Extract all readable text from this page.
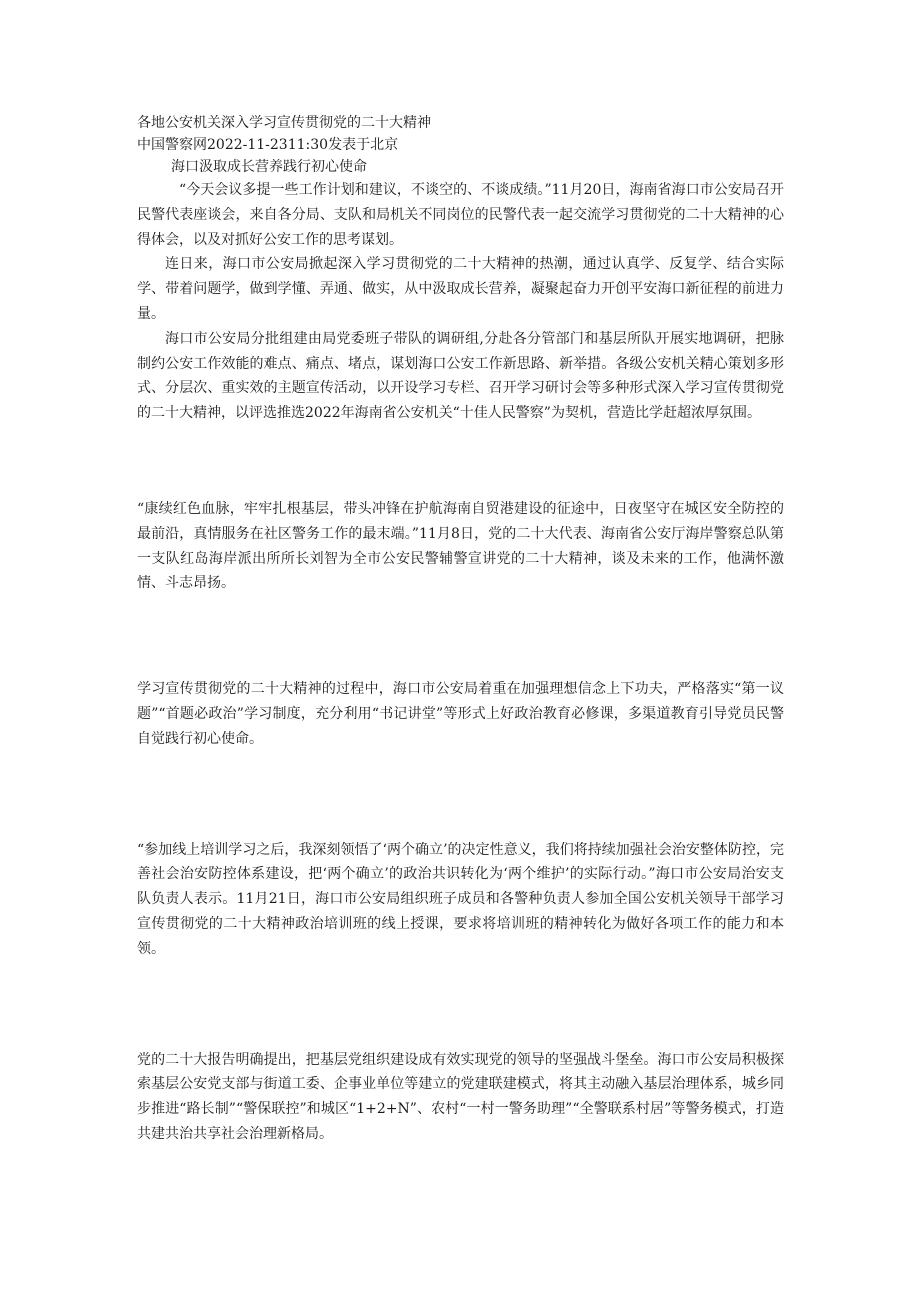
各地公安机关深入学习宣传贯彻党的二十大精神

中国警察网2022-11-2311:30发表于北京

海口汲取成长营养践行初心使命

“今天会议多提一些工作计划和建议，不谈空的、不谈成绩。”11月20日，海南省海口市公安局召开民警代表座谈会，来自各分局、支队和局机关不同岗位的民警代表一起交流学习贯彻党的二十大精神的心得体会，以及对抓好公安工作的思考谋划。

连日来，海口市公安局掀起深入学习贯彻党的二十大精神的热潮，通过认真学、反复学、结合实际学、带着问题学，做到学懂、弄通、做实，从中汲取成长营养，凝聚起奋力开创平安海口新征程的前进力量。

海口市公安局分批组建由局党委班子带队的调研组,分赴各分管部门和基层所队开展实地调研，把脉制约公安工作效能的难点、痛点、堵点，谋划海口公安工作新思路、新举措。各级公安机关精心策划多形式、分层次、重实效的主题宣传活动，以开设学习专栏、召开学习研讨会等多种形式深入学习宣传贯彻党的二十大精神，以评选推选2022年海南省公安机关“十佳人民警察”为契机，营造比学赶超浓厚氛围。

“康续红色血脉，牢牢扎根基层，带头冲锋在护航海南自贸港建设的征途中，日夜坚守在城区安全防控的最前沿，真情服务在社区警务工作的最末端。”11月8日，党的二十大代表、海南省公安厅海岸警察总队第一支队红岛海岸派出所所长刘智为全市公安民警辅警宣讲党的二十大精神，谈及未来的工作，他满怀激情、斗志昂扬。

学习宣传贯彻党的二十大精神的过程中，海口市公安局着重在加强理想信念上下功夫，严格落实“第一议题”“首题必政治”学习制度，充分利用“书记讲堂”等形式上好政治教育必修课，多渠道教育引导党员民警自觉践行初心使命。

“参加线上培训学习之后，我深刻领悟了‘两个确立’的决定性意义，我们将持续加强社会治安整体防控，完善社会治安防控体系建设，把‘两个确立’的政治共识转化为‘两个维护’的实际行动。”海口市公安局治安支队负责人表示。11月21日，海口市公安局组织班子成员和各警种负责人参加全国公安机关领导干部学习宣传贯彻党的二十大精神政治培训班的线上授课，要求将培训班的精神转化为做好各项工作的能力和本领。

党的二十大报告明确提出，把基层党组织建设成有效实现党的领导的坚强战斗堡垒。海口市公安局积极探索基层公安党支部与街道工委、企事业单位等建立的党建联建模式，将其主动融入基层治理体系，城乡同步推进“路长制”“警保联控”和城区“1+2+N”、农村“一村一警务助理”“全警联系村居”等警务模式，打造共建共治共享社会治理新格局。
